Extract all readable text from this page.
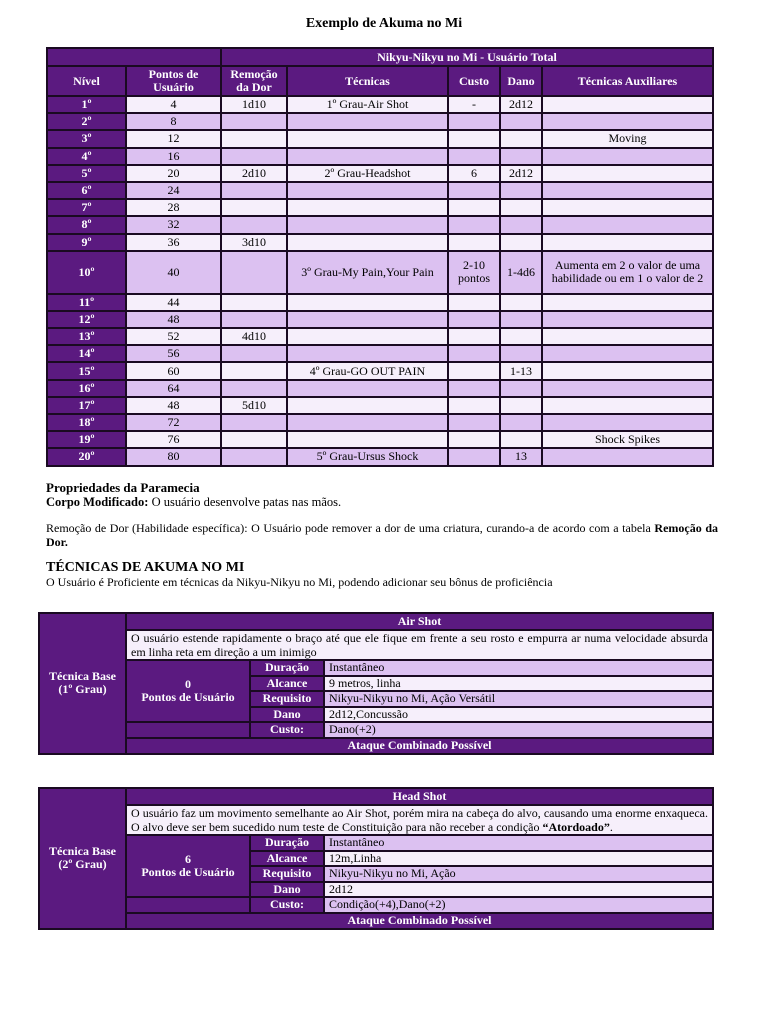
Exemplo de Akuma no Mi
		Nikyu-Nikyu no Mi - Usuário Total				
Nível	Pontos de Usuário	Remoção da Dor	Técnicas	Custo	Dano	Técnicas Auxiliares
1º	4	1d10	1º Grau-Air Shot	-	2d12	
2º	8					
3º	12					Moving
4º	16					
5º	20	2d10	2º Grau-Headshot	6	2d12	
6º	24					
7º	28					
8º	32					
9º	36	3d10				
10º	40		3º Grau-My Pain,Your Pain	2-10 pontos	1-4d6	Aumenta em 2 o valor de uma habilidade ou em 1 o valor de 2
11º	44					
12º	48					
13º	52	4d10				
14º	56					
15º	60		4º Grau-GO OUT PAIN		1-13	
16º	64					
17º	48	5d10				
18º	72					
19º	76					Shock Spikes
20º	80		5º Grau-Ursus Shock		13	
Propriedades da Paramecia
Corpo Modificado: O usuário desenvolve patas nas mãos.
Remoção de Dor (Habilidade específica): O Usuário pode remover a dor de uma criatura, curando-a de acordo com a tabela Remoção da Dor.
TÉCNICAS DE AKUMA NO MI
O Usuário é Proficiente em técnicas da Nikyu-Nikyu no Mi, podendo adicionar seu bônus de proficiência
Técnica Base (1º Grau)	Air Shot		
	O usuário estende rapidamente o braço até que ele fique em frente a seu rosto e empurra ar numa velocidade absurda em linha reta em direção a um inimigo		

	0
Pontos de Usuário	Duração	Instantâneo
		Alcance	9 metros, linha
		Requisito	Nikyu-Nikyu no Mi, Ação Versátil
		Dano	2d12,Concussão
		Custo:	Dano(+2)
	Ataque Combinado Possível		
Técnica Base (2º Grau)	Head Shot		
	O usuário faz um movimento semelhante ao Air Shot, porém mira na cabeça do alvo, causando uma enorme enxaqueca. O alvo deve ser bem sucedido num teste de Constituição para não receber a condição “Atordoado”.		

	6
Pontos de Usuário	Duração	Instantâneo
		Alcance	12m,Linha
		Requisito	Nikyu-Nikyu no Mi, Ação
		Dano	2d12
		Custo:	Condição(+4),Dano(+2)
	Ataque Combinado Possível		
